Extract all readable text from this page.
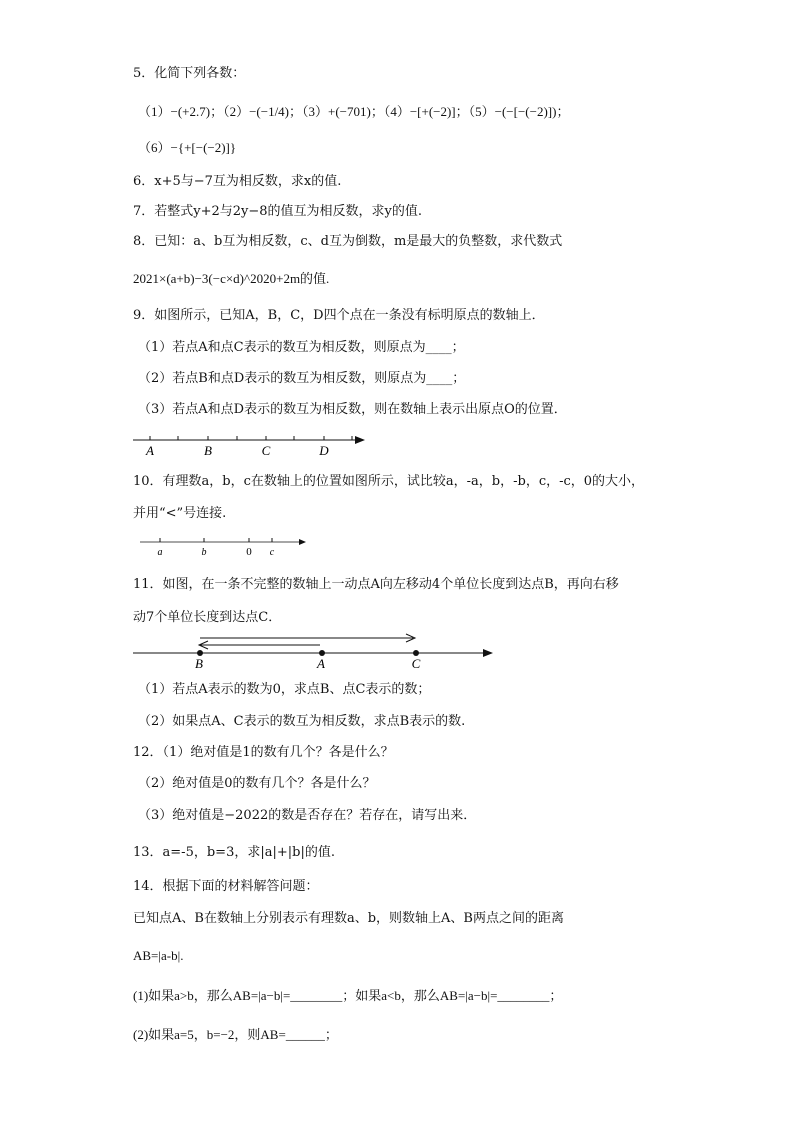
5．化简下列各数：
（1）−(+2.7)；（2）−(−1/4)；（3）+(−701)；（4）−[+(−2)]；（5）−(−[−(−2)])；
（6）−{+[−(−2)]}
6．x+5与−7互为相反数，求x的值.
7．若整式y+2与2y−8的值互为相反数，求y的值.
8．已知：a、b互为相反数，c、d互为倒数，m是最大的负整数，求代数式
2021×(a+b)−3(−c×d)^2020+2m的值.
9．如图所示，已知A，B，C，D四个点在一条没有标明原点的数轴上．
（1）若点A和点C表示的数互为相反数，则原点为____；
（2）若点B和点D表示的数互为相反数，则原点为____；
（3）若点A和点D表示的数互为相反数，则在数轴上表示出原点O的位置．
A	B	C	D
10．有理数a，b，c在数轴上的位置如图所示，试比较a，-a，b，-b，c，-c，0的大小，
并用“<”号连接.
a	b	0 c
11．如图，在一条不完整的数轴上一动点A向左移动4个单位长度到达点B，再向右移
动7个单位长度到达点C．
B	A	C
（1）若点A表示的数为0，求点B、点C表示的数；
（2）如果点A、C表示的数互为相反数，求点B表示的数.
12．（1）绝对值是1的数有几个？各是什么？
（2）绝对值是0的数有几个？各是什么？
（3）绝对值是−2022的数是否存在？若存在，请写出来．
13．a=-5，b=3，求|a|+|b|的值.
14．根据下面的材料解答问题：
已知点A、B在数轴上分别表示有理数a、b，则数轴上A、B两点之间的距离
AB=|a-b|.
(1)如果a>b，那么AB=|a−b|=________；如果a<b，那么AB=|a−b|=________；
(2)如果a=5，b=−2，则AB=______；
